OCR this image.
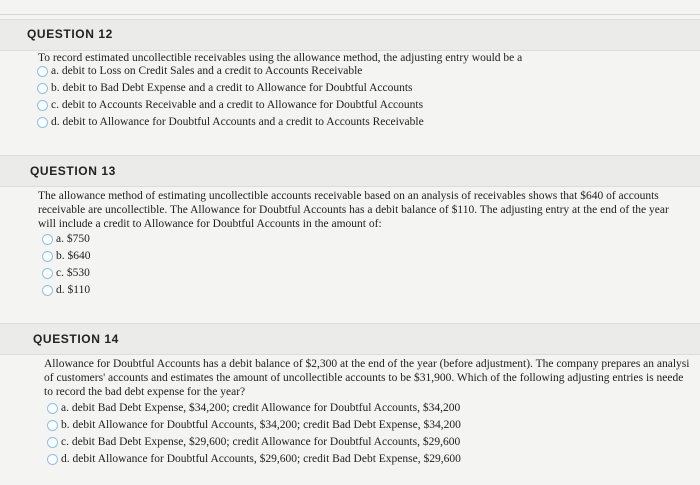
QUESTION 12
To record estimated uncollectible receivables using the allowance method, the adjusting entry would be a
a. debit to Loss on Credit Sales and a credit to Accounts Receivable
b. debit to Bad Debt Expense and a credit to Allowance for Doubtful Accounts
c. debit to Accounts Receivable and a credit to Allowance for Doubtful Accounts
d. debit to Allowance for Doubtful Accounts and a credit to Accounts Receivable
QUESTION 13
The allowance method of estimating uncollectible accounts receivable based on an analysis of receivables shows that $640 of accounts
receivable are uncollectible. The Allowance for Doubtful Accounts has a debit balance of $110. The adjusting entry at the end of the year
will include a credit to Allowance for Doubtful Accounts in the amount of:
a. $750
b. $640
c. $530
d. $110
QUESTION 14
Allowance for Doubtful Accounts has a debit balance of $2,300 at the end of the year (before adjustment). The company prepares an analysi
of customers' accounts and estimates the amount of uncollectible accounts to be $31,900. Which of the following adjusting entries is neede
to record the bad debt expense for the year?
a. debit Bad Debt Expense, $34,200; credit Allowance for Doubtful Accounts, $34,200
b. debit Allowance for Doubtful Accounts, $34,200; credit Bad Debt Expense, $34,200
c. debit Bad Debt Expense, $29,600; credit Allowance for Doubtful Accounts, $29,600
d. debit Allowance for Doubtful Accounts, $29,600; credit Bad Debt Expense, $29,600
